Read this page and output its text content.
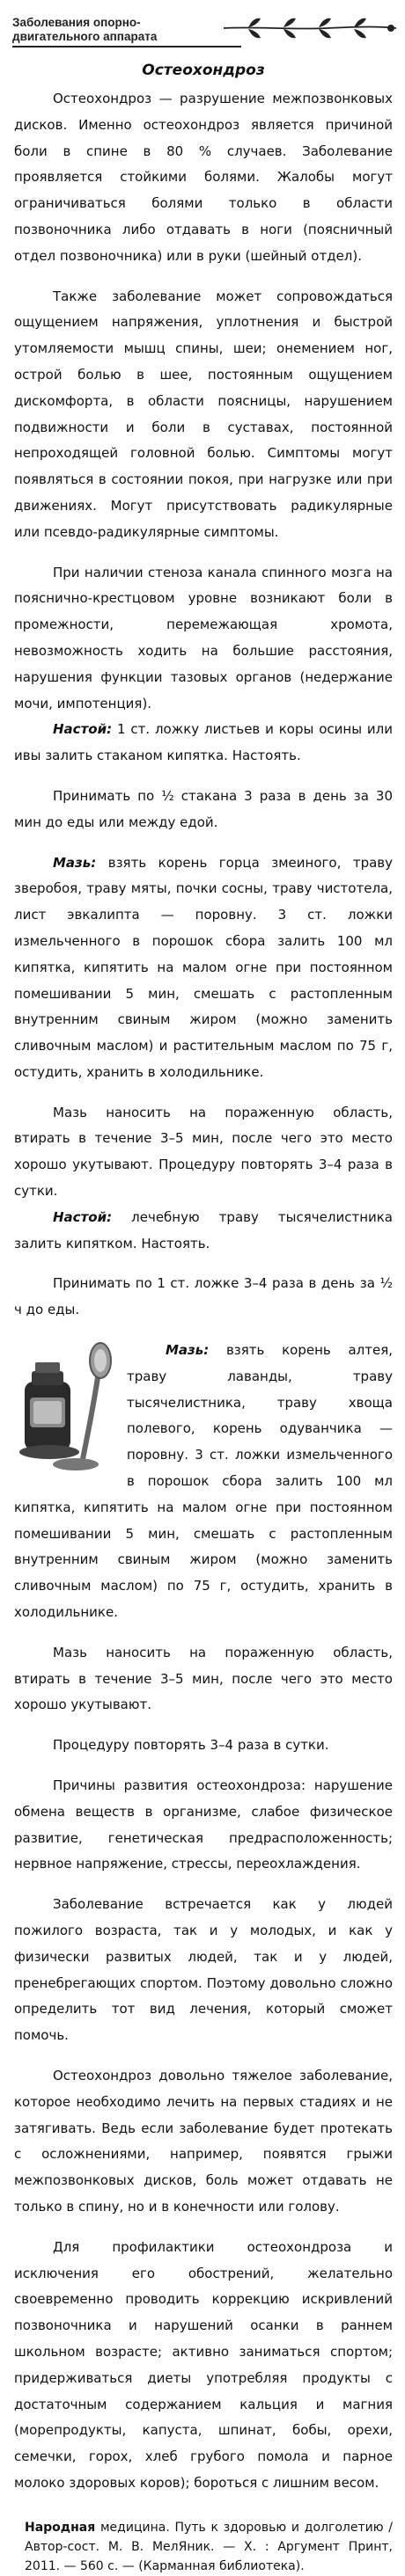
Заболевания опорно-двигательного аппарата
Остеохондроз

Остеохондроз — разрушение межпозвонковых дисков. Именно остеохондроз является причиной боли в спине в 80 % случаев. Заболевание проявляется стойкими болями. Жалобы могут ограничиваться болями только в области позвоночника либо отдавать в ноги (поясничный отдел позвоночника) или в руки (шейный отдел).

Также заболевание может сопровождаться ощущением напряжения, уплотнения и быстрой утомляемости мышц спины, шеи; онемением ног, острой болью в шее, постоянным ощущением дискомфорта, в области поясницы, нарушением подвижности и боли в суставах, постоянной непроходящей головной болью. Симптомы могут появляться в состоянии покоя, при нагрузке или при движениях. Могут присутствовать радикулярные или псевдо-радикулярные симптомы.

При наличии стеноза канала спинного мозга на пояснично-крестцовом уровне возникают боли в промежности, перемежающая хромота, невозможность ходить на большие расстояния, нарушения функции тазовых органов (недержание мочи, импотенция).

Настой: 1 ст. ложку листьев и коры осины или ивы залить стаканом кипятка. Настоять.

Принимать по ½ стакана 3 раза в день за 30 мин до еды или между едой.

Мазь: взять корень горца змеиного, траву зверобоя, траву мяты, почки сосны, траву чистотела, лист эвкалипта — поровну. 3 ст. ложки измельченного в порошок сбора залить 100 мл кипятка, кипятить на малом огне при постоянном помешивании 5 мин, смешать с растопленным внутренним свиным жиром (можно заменить сливочным маслом) и растительным маслом по 75 г, остудить, хранить в холодильнике.

Мазь наносить на пораженную область, втирать в течение 3–5 мин, после чего это место хорошо укутывают. Процедуру повторять 3–4 раза в сутки.

Настой: лечебную траву тысячелистника залить кипятком. Настоять.

Принимать по 1 ст. ложке 3–4 раза в день за ½ ч до еды.

Мазь: взять корень алтея, траву лаванды, траву тысячелистника, траву хвоща полевого, корень одуванчика — поровну. 3 ст. ложки измельченного в порошок сбора залить 100 мл кипятка, кипятить на малом огне при постоянном помешивании 5 мин, смешать с растопленным внутренним свиным жиром (можно заменить сливочным маслом) по 75 г, остудить, хранить в холодильнике.

Мазь наносить на пораженную область, втирать в течение 3–5 мин, после чего это место хорошо укутывают.

Процедуру повторять 3–4 раза в сутки.

Причины развития остеохондроза: нарушение обмена веществ в организме, слабое физическое развитие, генетическая предрасположенность; нервное напряжение, стрессы, переохлаждения.

Заболевание встречается как у людей пожилого возраста, так и у молодых, и как у физически развитых людей, так и у людей, пренебрегающих спортом. Поэтому довольно сложно определить тот вид лечения, который сможет помочь.

Остеохондроз довольно тяжелое заболевание, которое необходимо лечить на первых стадиях и не затягивать. Ведь если заболевание будет протекать с осложнениями, например, появятся грыжи межпозвонковых дисков, боль может отдавать не только в спину, но и в конечности или голову.

Для профилактики остеохондроза и исключения его обострений, желательно своевременно проводить коррекцию искривлений позвоночника и нарушений осанки в раннем школьном возрасте; активно заниматься спортом; придерживаться диеты употребляя продукты с достаточным содержанием кальция и магния (морепродукты, капуста, шпинат, бобы, орехи, семечки, горох, хлеб грубого помола и парное молоко здоровых коров); бороться с лишним весом.

Народная медицина. Путь к здоровью и долголетию / Автор-сост. М. В. МелЯник. — Х. : Аргумент Принт, 2011. — 560 с. — (Карманная библиотека).
